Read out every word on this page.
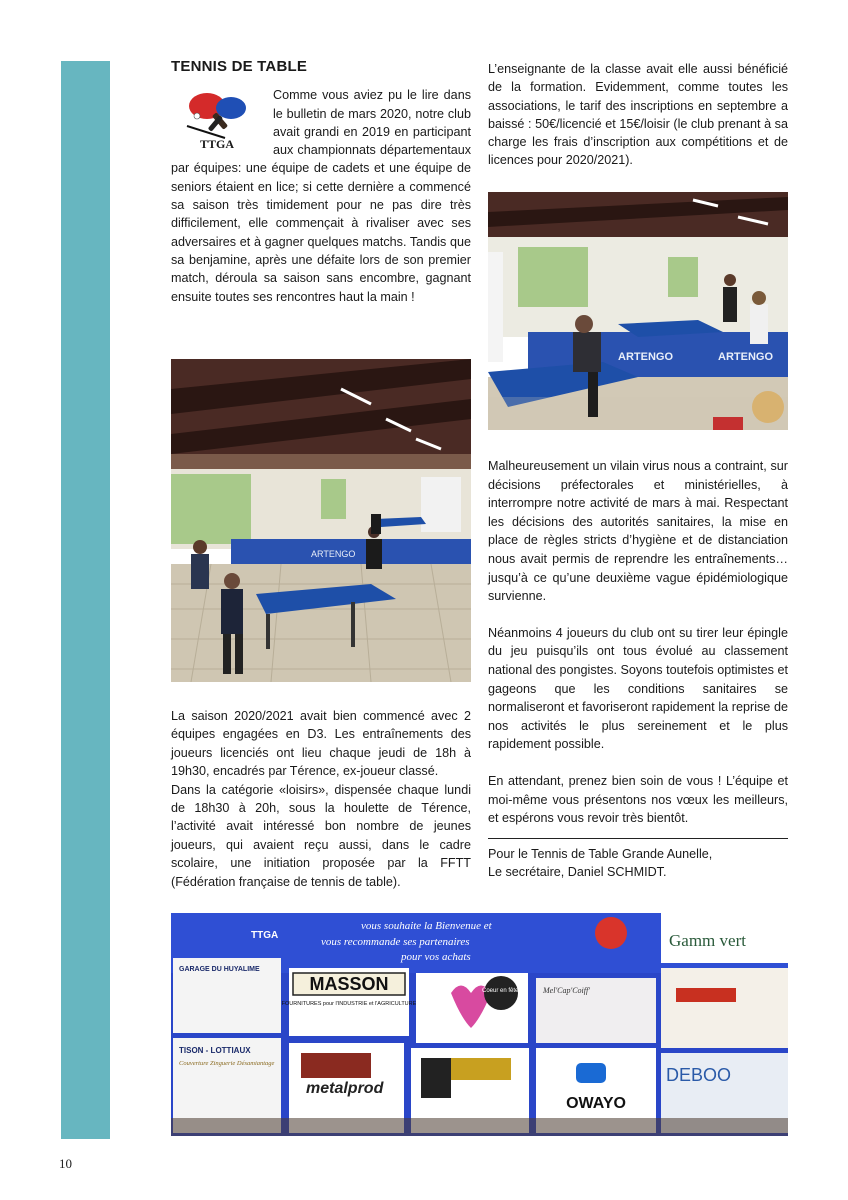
TENNIS DE TABLE
TTGA

Comme vous aviez pu le lire dans le bulletin de mars 2020, notre club avait grandi en 2019 en participant aux championnats départementaux par équipes: une équipe de cadets et une équipe de seniors étaient en lice; si cette dernière a commencé sa saison très timidement pour ne pas dire très difficilement, elle commençait à rivaliser avec ses adversaires et à gagner quelques matchs. Tandis que sa benjamine, après une défaite lors de son premier match, déroula sa saison sans encombre, gagnant ensuite toutes ses rencontres haut la main !

ARTENGO

La saison 2020/2021 avait bien commencé avec 2 équipes engagées en D3. Les entraînements des joueurs licenciés ont lieu chaque jeudi de 18h à 19h30, encadrés par Térence, ex-joueur classé.

Dans la catégorie «loisirs», dispensée chaque lundi de 18h30 à 20h, sous la houlette de Térence, l’activité avait intéressé bon nombre de jeunes joueurs, qui avaient reçu aussi, dans le cadre scolaire, une initiation proposée par la FFTT (Fédération française de tennis de table).

L’enseignante de la classe avait elle aussi bénéficié de la formation. Evidemment, comme toutes les associations, le tarif des inscriptions en septembre a baissé : 50€/licencié et 15€/loisir (le club prenant à sa charge les frais d’inscription aux compétitions et de licences pour 2020/2021).

ARTENGO	ARTENGO

Malheureusement un vilain virus nous a contraint, sur décisions préfectorales et ministérielles, à interrompre notre activité de mars à mai. Respectant les décisions des autorités sanitaires, la mise en place de règles stricts d’hygiène et de distanciation nous avait permis de reprendre les entraînements… jusqu’à ce qu’une deuxième vague épidémiologique survienne.

Néanmoins 4 joueurs du club ont su tirer leur épingle du jeu puisqu’ils ont tous évolué au classement national des pongistes. Soyons toutefois optimistes et gageons que les conditions sanitaires se normaliseront et favoriseront rapidement la reprise de nos activités le plus sereinement et le plus rapidement possible.

En attendant, prenez bien soin de vous ! L’équipe et moi-même vous présentons nos vœux les meilleurs, et espérons vous revoir très bientôt.

Pour le Tennis de Table Grande Aunelle,

Le secrétaire, Daniel SCHMIDT.

TTGA
vous souhaite la Bienvenue et
vous recommande ses partenaires
pour vos achats
GARAGE DU HUYALIME
MASSON
FOURNITURES pour l'INDUSTRIE et l'AGRICULTURE
Coeur en fête!	Mel'Cap'Coiff'
Gamm vert
TISON - LOTTIAUX
Couverture Zinguerie Désamiantage
metalprod
OWAYO
DEBOO
10
